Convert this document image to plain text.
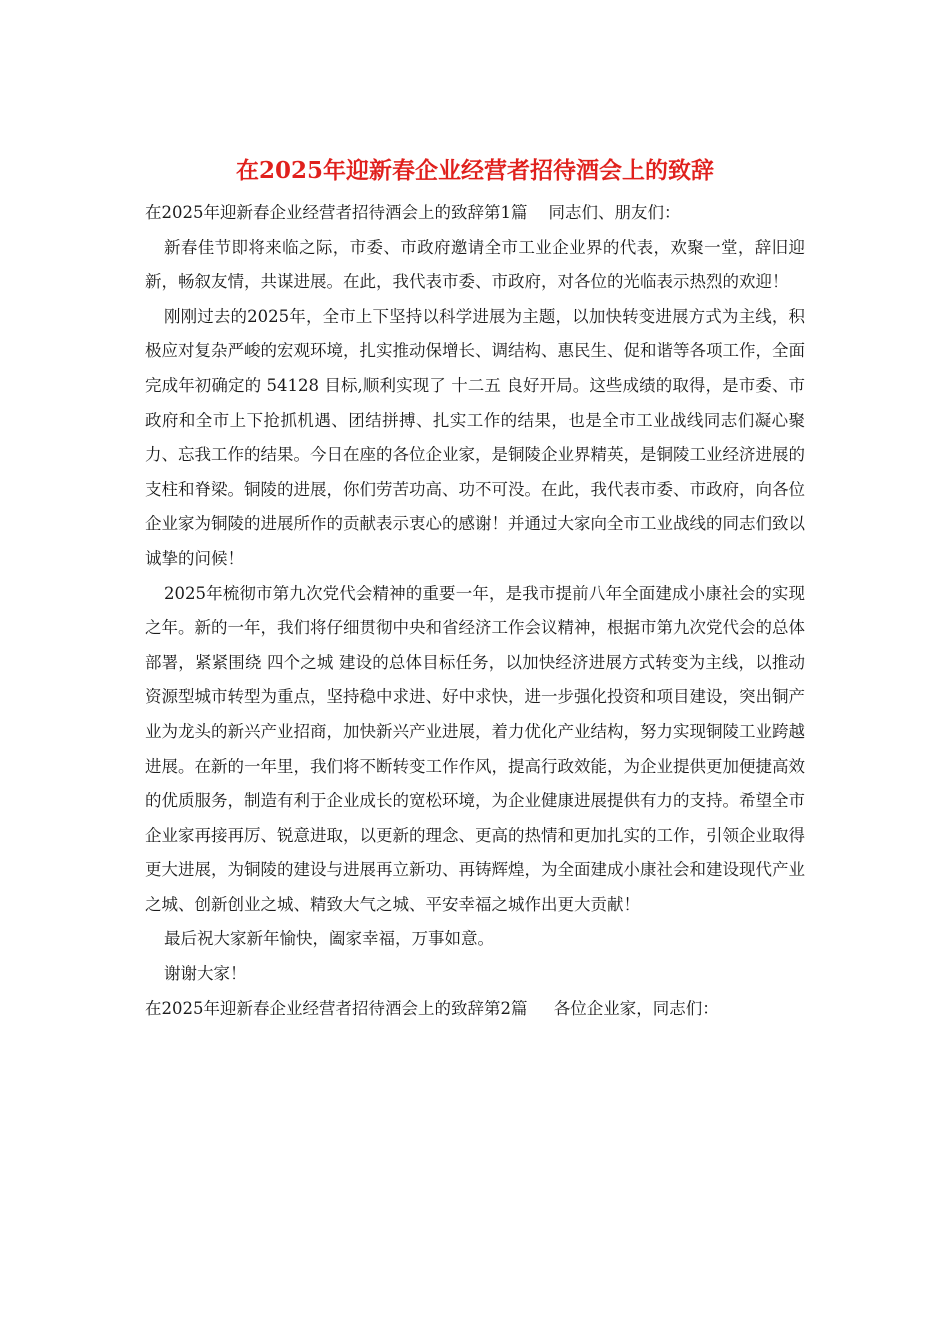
在2025年迎新春企业经营者招待酒会上的致辞
在2025年迎新春企业经营者招待酒会上的致辞第1篇 同志们、朋友们：

新春佳节即将来临之际，市委、市政府邀请全市工业企业界的代表，欢聚一堂，辞旧迎新，畅叙友情，共谋进展。在此，我代表市委、市政府，对各位的光临表示热烈的欢迎！

刚刚过去的2025年，全市上下坚持以科学进展为主题，以加快转变进展方式为主线，积极应对复杂严峻的宏观环境，扎实推动保增长、调结构、惠民生、促和谐等各项工作，全面完成年初确定的 54128 目标,顺利实现了 十二五 良好开局。这些成绩的取得，是市委、市政府和全市上下抢抓机遇、团结拼搏、扎实工作的结果，也是全市工业战线同志们凝心聚力、忘我工作的结果。今日在座的各位企业家，是铜陵企业界精英，是铜陵工业经济进展的支柱和脊梁。铜陵的进展，你们劳苦功高、功不可没。在此，我代表市委、市政府，向各位企业家为铜陵的进展所作的贡献表示衷心的感谢！并通过大家向全市工业战线的同志们致以诚挚的问候！

2025年梳彻市第九次党代会精神的重要一年，是我市提前八年全面建成小康社会的实现之年。新的一年，我们将仔细贯彻中央和省经济工作会议精神，根据市第九次党代会的总体部署，紧紧围绕 四个之城 建设的总体目标任务，以加快经济进展方式转变为主线，以推动资源型城市转型为重点，坚持稳中求进、好中求快，进一步强化投资和项目建设，突出铜产业为龙头的新兴产业招商，加快新兴产业进展，着力优化产业结构，努力实现铜陵工业跨越进展。在新的一年里，我们将不断转变工作作风，提高行政效能，为企业提供更加便捷高效的优质服务，制造有利于企业成长的宽松环境，为企业健康进展提供有力的支持。希望全市企业家再接再厉、锐意进取，以更新的理念、更高的热情和更加扎实的工作，引领企业取得更大进展，为铜陵的建设与进展再立新功、再铸辉煌，为全面建成小康社会和建设现代产业之城、创新创业之城、精致大气之城、平安幸福之城作出更大贡献！

最后祝大家新年愉快，阖家幸福，万事如意。

谢谢大家！

在2025年迎新春企业经营者招待酒会上的致辞第2篇 各位企业家，同志们：
